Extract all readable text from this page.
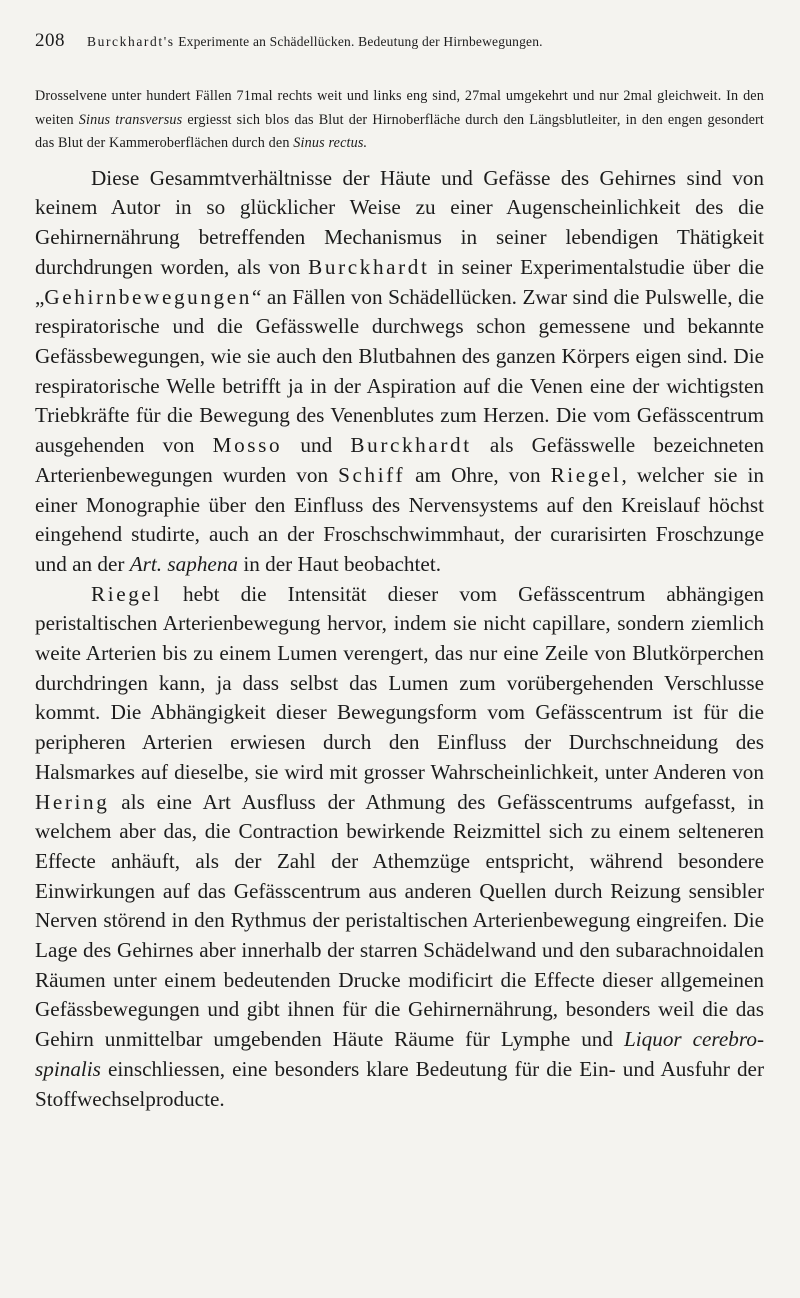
208 Burckhardt's Experimente an Schädellücken. Bedeutung der Hirnbewegungen.

Drosselvene unter hundert Fällen 71mal rechts weit und links eng sind, 27mal umgekehrt und nur 2mal gleichweit. In den weiten Sinus transversus ergiesst sich blos das Blut der Hirnoberfläche durch den Längsblutleiter, in den engen gesondert das Blut der Kammeroberflächen durch den Sinus rectus.

Diese Gesammtverhältnisse der Häute und Gefässe des Gehirnes sind von keinem Autor in so glücklicher Weise zu einer Augenscheinlichkeit des die Gehirnernährung betreffenden Mechanismus in seiner lebendigen Thätigkeit durchdrungen worden, als von Burckhardt in seiner Experimentalstudie über die „Gehirnbewegungen“ an Fällen von Schädellücken. Zwar sind die Pulswelle, die respiratorische und die Gefässwelle durchwegs schon gemessene und bekannte Gefässbewegungen, wie sie auch den Blutbahnen des ganzen Körpers eigen sind. Die respiratorische Welle betrifft ja in der Aspiration auf die Venen eine der wichtigsten Triebkräfte für die Bewegung des Venenblutes zum Herzen. Die vom Gefässcentrum ausgehenden von Mosso und Burckhardt als Gefässwelle bezeichneten Arterienbewegungen wurden von Schiff am Ohre, von Riegel, welcher sie in einer Monographie über den Einfluss des Nervensystems auf den Kreislauf höchst eingehend studirte, auch an der Froschschwimmhaut, der curarisirten Froschzunge und an der Art. saphena in der Haut beobachtet.

Riegel hebt die Intensität dieser vom Gefässcentrum abhängigen peristaltischen Arterienbewegung hervor, indem sie nicht capillare, sondern ziemlich weite Arterien bis zu einem Lumen verengert, das nur eine Zeile von Blutkörperchen durchdringen kann, ja dass selbst das Lumen zum vorübergehenden Verschlusse kommt. Die Abhängigkeit dieser Bewegungsform vom Gefässcentrum ist für die peripheren Arterien erwiesen durch den Einfluss der Durchschneidung des Halsmarkes auf dieselbe, sie wird mit grosser Wahrscheinlichkeit, unter Anderen von Hering als eine Art Ausfluss der Athmung des Gefässcentrums aufgefasst, in welchem aber das, die Contraction bewirkende Reizmittel sich zu einem selteneren Effecte anhäuft, als der Zahl der Athemzüge entspricht, während besondere Einwirkungen auf das Gefässcentrum aus anderen Quellen durch Reizung sensibler Nerven störend in den Rythmus der peristaltischen Arterienbewegung eingreifen. Die Lage des Gehirnes aber innerhalb der starren Schädelwand und den subarachnoidalen Räumen unter einem bedeutenden Drucke modificirt die Effecte dieser allgemeinen Gefässbewegungen und gibt ihnen für die Gehirnernährung, besonders weil die das Gehirn unmittelbar umgebenden Häute Räume für Lymphe und Liquor cerebro-spinalis einschliessen, eine besonders klare Bedeutung für die Ein- und Ausfuhr der Stoffwechselproducte.
